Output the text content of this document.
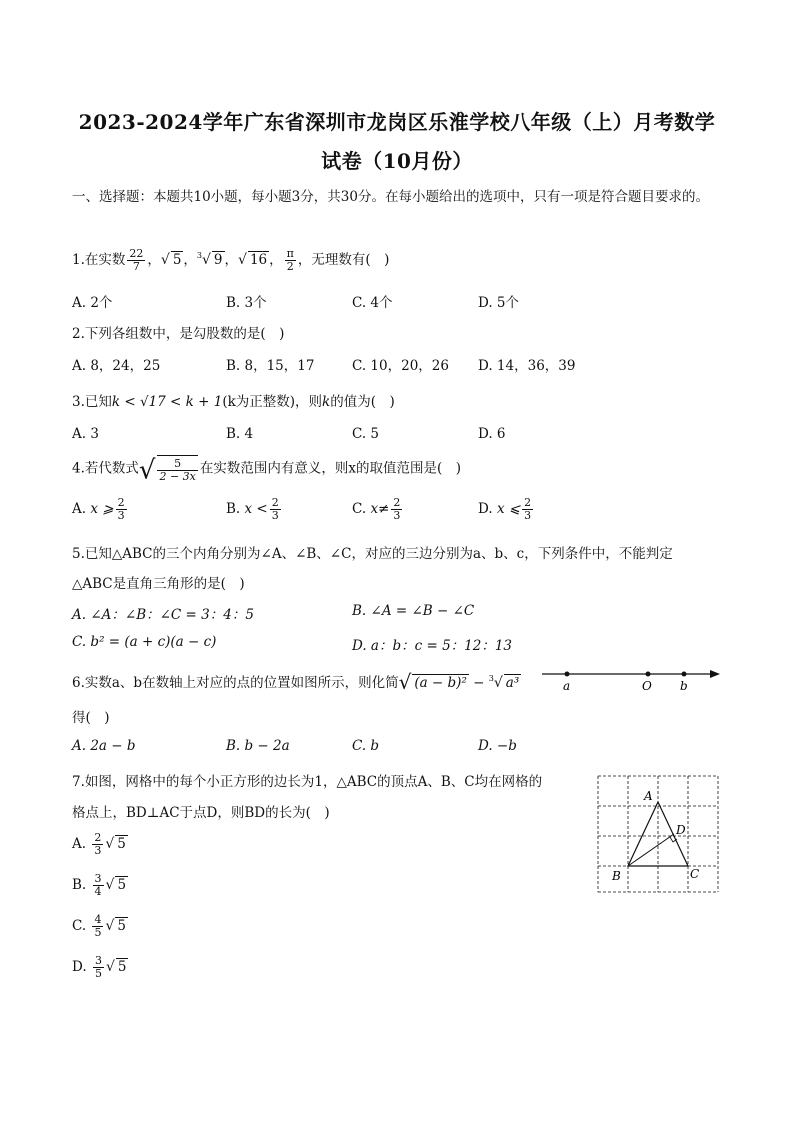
2023-2024学年广东省深圳市龙岗区乐淮学校八年级（上）月考数学
试卷（10月份）
一、选择题：本题共10小题，每小题3分，共30分。在每小题给出的选项中，只有一项是符合题目要求的。
1.在实数 $\frac{22}{7}$ ，√ 5 ，$^3$√ 9 ，√ 16 ， $\frac{\pi}{2}$ ，无理数有(　)
A. 2个	B. 3个	C. 4个	D. 5个
2.下列各组数中，是勾股数的是(　)
A. 8，24，25	B. 8，15，17	C. 10，20，26 D. 14，36，39
3.已知k < √17 < k + 1(k为正整数)，则k的值为(　)
A. 3	B. 4	C. 5	D. 6
4.若代数式√ $\frac{5}{2 - 3x}$ 在实数范围内有意义，则x的取值范围是(　)
A. x ⩾ $\frac{2}{3}$	B. $x < \frac{2}{3}$	C. $x\ne \frac{2}{3}$	D. x ⩽ $\frac{2}{3}$
5.已知△ABC的三个内角分别为∠A、∠B、∠C，对应的三边分别为a、b、c，下列条件中，不能判定
△ABC是直角三角形的是(　)
A. ∠A：∠B：∠C = 3：4：5	B. ∠A = ∠B − ∠C
C. b² = (a + c)(a − c)	D. a：b：c = 5：12：13
6.实数a、b在数轴上对应的点的位置如图所示，则化简√ (a − b)² − $^3$√ a³	a	O b
得(　)
A. 2a − b	B. b − 2a	C. b	D. −b
7.如图，网格中的每个小正方形的边长为1，△ABC的顶点A、B、C均在网格的
格点上，BD⊥AC于点D，则BD的长为(　)
A
B	C
D
A. $\frac{2}{3}$ √ 5
B. $\frac{3}{4}$ √ 5
C. $\frac{4}{5}$ √ 5
D. $\frac{3}{5}$ √ 5
